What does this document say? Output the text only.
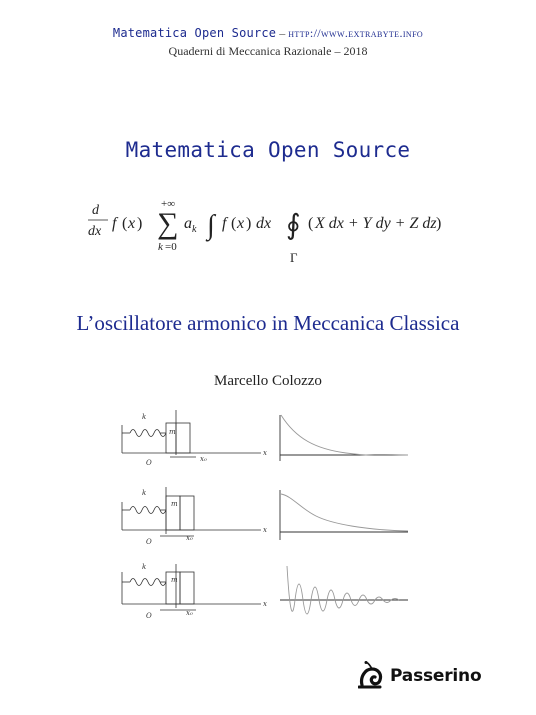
Matematica Open Source – http://www.extrabyte.info
Quaderni di Meccanica Razionale – 2018
Matematica Open Source
d
dx f ( x )
+∞
∑
k =0
a k ∫ f ( x ) dx ∮
Γ
( X dx + Y dy + Z dz )
L’oscillatore armonico in Meccanica Classica
Marcello Colozzo
k
m
O	x₀
x
k
m
O	x₀
x
k
m
O	x₀
x
Passerino
